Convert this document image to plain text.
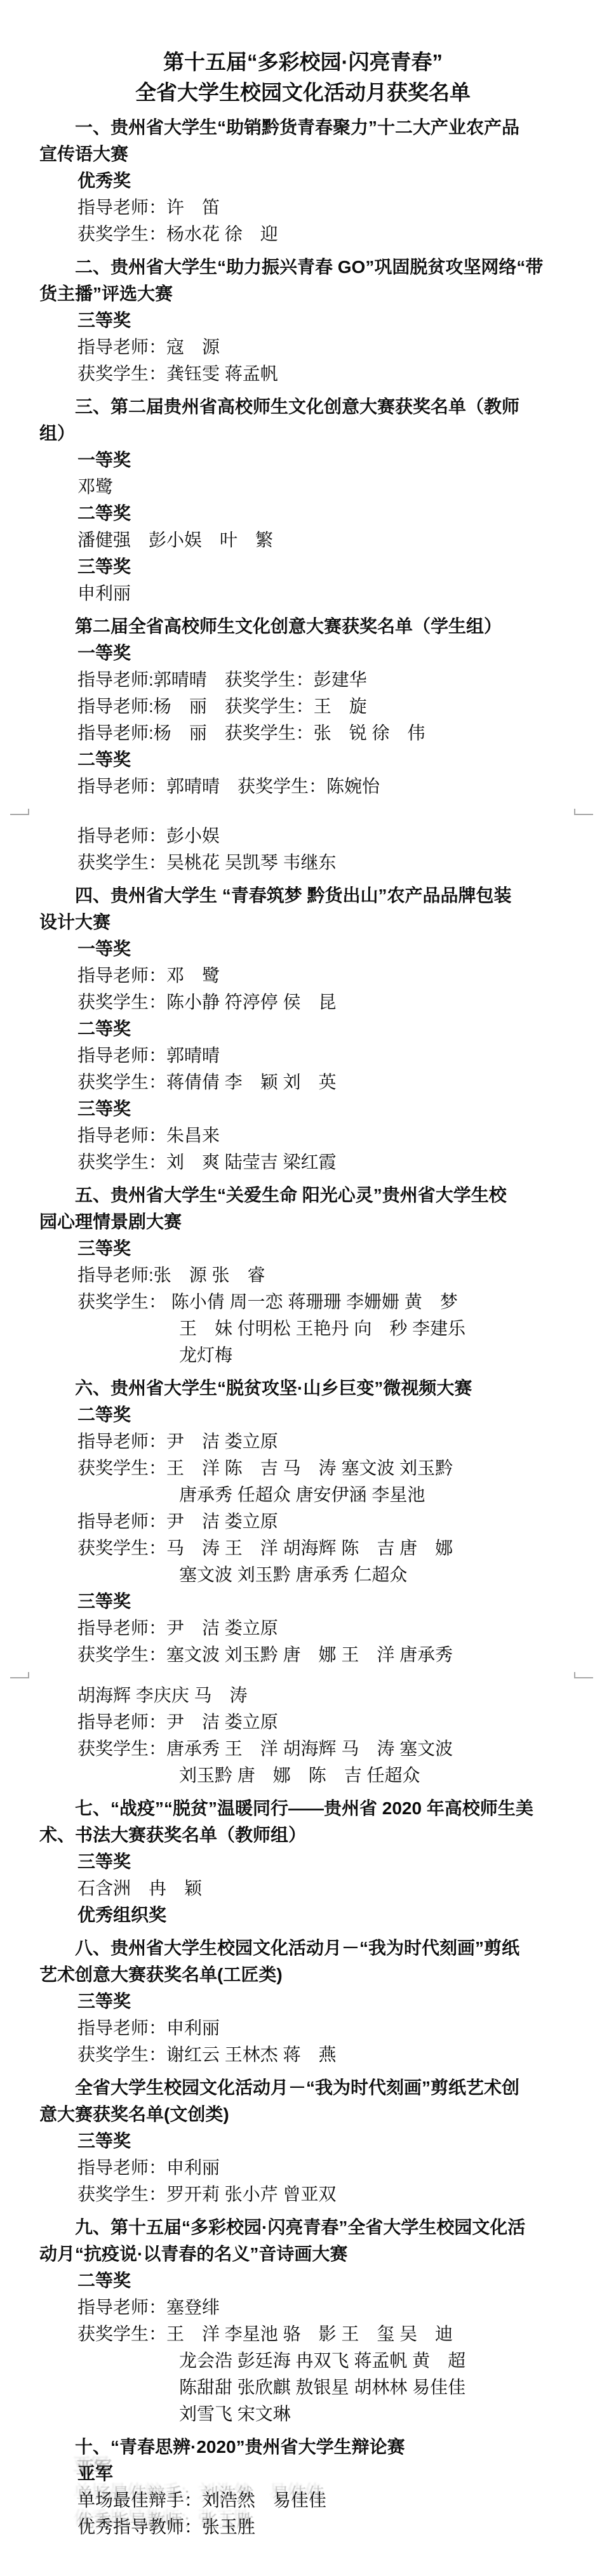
第十五届“多彩校园·闪亮青春”
全省大学生校园文化活动月获奖名单
一、贵州省大学生“助销黔货青春聚力”十二大产业农产品
宣传语大赛
优秀奖
指导老师：许　笛
获奖学生：杨水花 徐　迎
二、贵州省大学生“助力振兴青春 GO”巩固脱贫攻坚网络“带
货主播”评选大赛
三等奖
指导老师：寇　源
获奖学生：龚钰雯 蒋孟帆
三、第二届贵州省高校师生文化创意大赛获奖名单（教师
组）
一等奖
邓鹭
二等奖
潘健强　彭小娱　叶　繁
三等奖
申利丽
第二届全省高校师生文化创意大赛获奖名单（学生组）
一等奖
指导老师:郭晴晴　获奖学生：彭建华
指导老师:杨　丽　获奖学生：王　旋
指导老师:杨　丽　获奖学生：张　锐 徐　伟
二等奖
指导老师：郭晴晴　获奖学生：陈婉怡
指导老师：彭小娱
获奖学生：吴桃花 吴凯琴 韦继东
四、贵州省大学生 “青春筑梦 黔货出山”农产品品牌包装
设计大赛
一等奖
指导老师：邓　鹭
获奖学生：陈小静 符渟停 侯　昆
二等奖
指导老师：郭晴晴
获奖学生：蒋倩倩 李　颖 刘　英
三等奖
指导老师：朱昌来
获奖学生：刘　爽 陆莹吉 梁红霞
五、贵州省大学生“关爱生命 阳光心灵”贵州省大学生校
园心理情景剧大赛
三等奖
指导老师:张　源 张　睿
获奖学生： 陈小倩 周一恋 蒋珊珊 李姗姗 黄　梦
王　妹 付明松 王艳丹 向　秒 李建乐
龙灯梅
六、贵州省大学生“脱贫攻坚·山乡巨变”微视频大赛
二等奖
指导老师：尹　洁 娄立原
获奖学生：王　洋 陈　吉 马　涛 塞文波 刘玉黔
唐承秀 任超众 唐安伊涵 李星池
指导老师：尹　洁 娄立原
获奖学生：马　涛 王　洋 胡海辉 陈　吉 唐　娜
塞文波 刘玉黔 唐承秀 仁超众
三等奖
指导老师：尹　洁 娄立原
获奖学生：塞文波 刘玉黔 唐　娜 王　洋 唐承秀
胡海辉 李庆庆 马　涛
指导老师：尹　洁 娄立原
获奖学生：唐承秀 王　洋 胡海辉 马　涛 塞文波
刘玉黔 唐　娜　陈　吉 任超众
七、“战疫”“脱贫”温暖同行——贵州省 2020 年高校师生美
术、书法大赛获奖名单（教师组）
三等奖
石含洲　冉　颖
优秀组织奖
八、贵州省大学生校园文化活动月－“我为时代刻画”剪纸
艺术创意大赛获奖名单(工匠类)
三等奖
指导老师：申利丽
获奖学生：谢红云 王林杰 蒋　燕
全省大学生校园文化活动月－“我为时代刻画”剪纸艺术创
意大赛获奖名单(文创类)
三等奖
指导老师：申利丽
获奖学生：罗开莉 张小芹 曾亚双
九、第十五届“多彩校园·闪亮青春”全省大学生校园文化活
动月“抗疫说·以青春的名义”音诗画大赛
二等奖
指导老师：塞登绯
获奖学生：王　洋 李星池 骆　影 王　玺 吴　迪
龙会浩 彭廷海 冉双飞 蒋孟帆 黄　超
陈甜甜 张欣麒 敖银星 胡林林 易佳佳
刘雪飞 宋文琳
十、“青春思辨·2020”贵州省大学生辩论赛
亚军
单场最佳辩手：刘浩然　易佳佳
优秀指导教师：张玉胜
